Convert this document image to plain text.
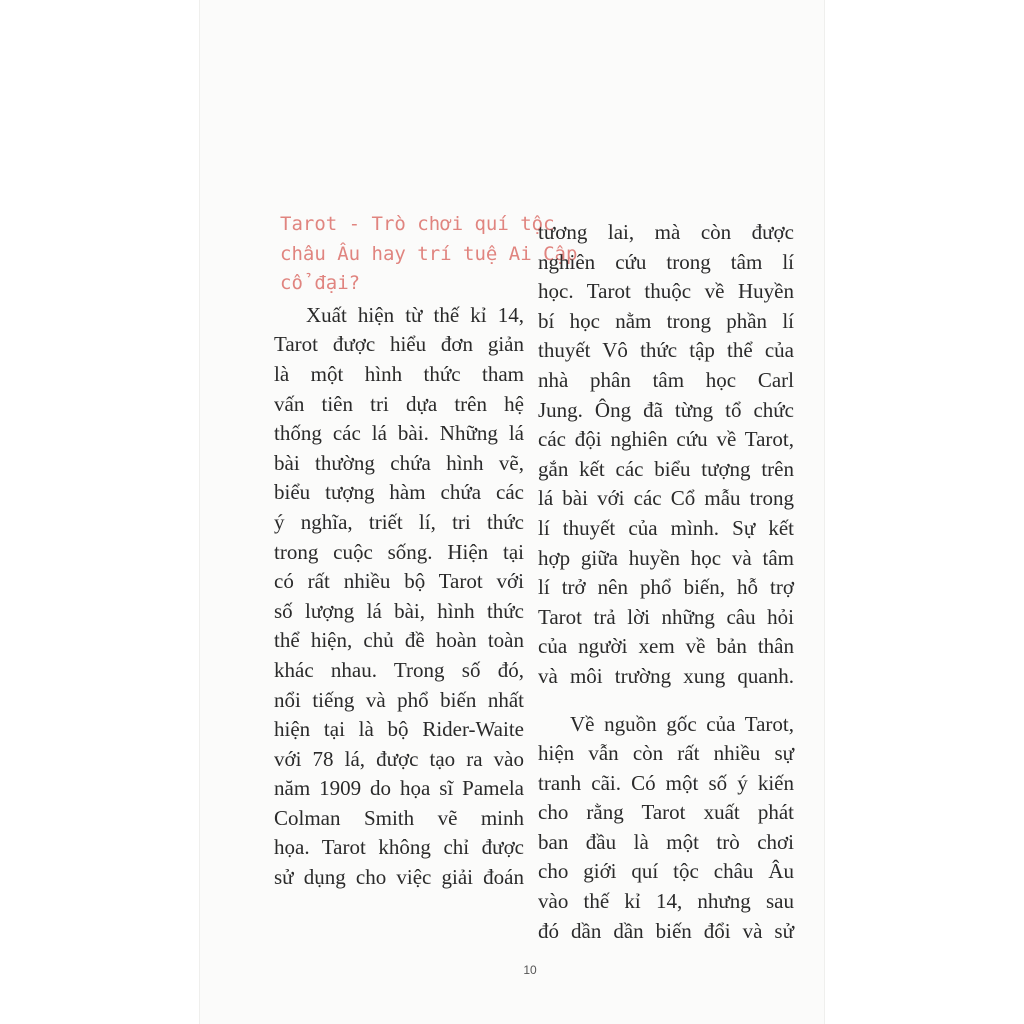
Tarot - Trò chơi quí tộc
châu Âu hay trí tuệ Ai Cập
cổ đại?
Xuất hiện từ thế kỉ 14,
Tarot được hiểu đơn giản
là một hình thức tham
vấn tiên tri dựa trên hệ
thống các lá bài. Những lá
bài thường chứa hình vẽ,
biểu tượng hàm chứa các
ý nghĩa, triết lí, tri thức
trong cuộc sống. Hiện tại
có rất nhiều bộ Tarot với
số lượng lá bài, hình thức
thể hiện, chủ đề hoàn toàn
khác nhau. Trong số đó,
nổi tiếng và phổ biến nhất
hiện tại là bộ Rider-Waite
với 78 lá, được tạo ra vào
năm 1909 do họa sĩ Pamela
Colman Smith vẽ minh
họa. Tarot không chỉ được
sử dụng cho việc giải đoán
tương lai, mà còn được
nghiên cứu trong tâm lí
học. Tarot thuộc về Huyền
bí học nằm trong phần lí
thuyết Vô thức tập thể của
nhà phân tâm học Carl
Jung. Ông đã từng tổ chức
các đội nghiên cứu về Tarot,
gắn kết các biểu tượng trên
lá bài với các Cổ mẫu trong
lí thuyết của mình. Sự kết
hợp giữa huyền học và tâm
lí trở nên phổ biến, hỗ trợ
Tarot trả lời những câu hỏi
của người xem về bản thân
và môi trường xung quanh.
Về nguồn gốc của Tarot,
hiện vẫn còn rất nhiều sự
tranh cãi. Có một số ý kiến
cho rằng Tarot xuất phát
ban đầu là một trò chơi
cho giới quí tộc châu Âu
vào thế kỉ 14, nhưng sau
đó dần dần biến đổi và sử
10
